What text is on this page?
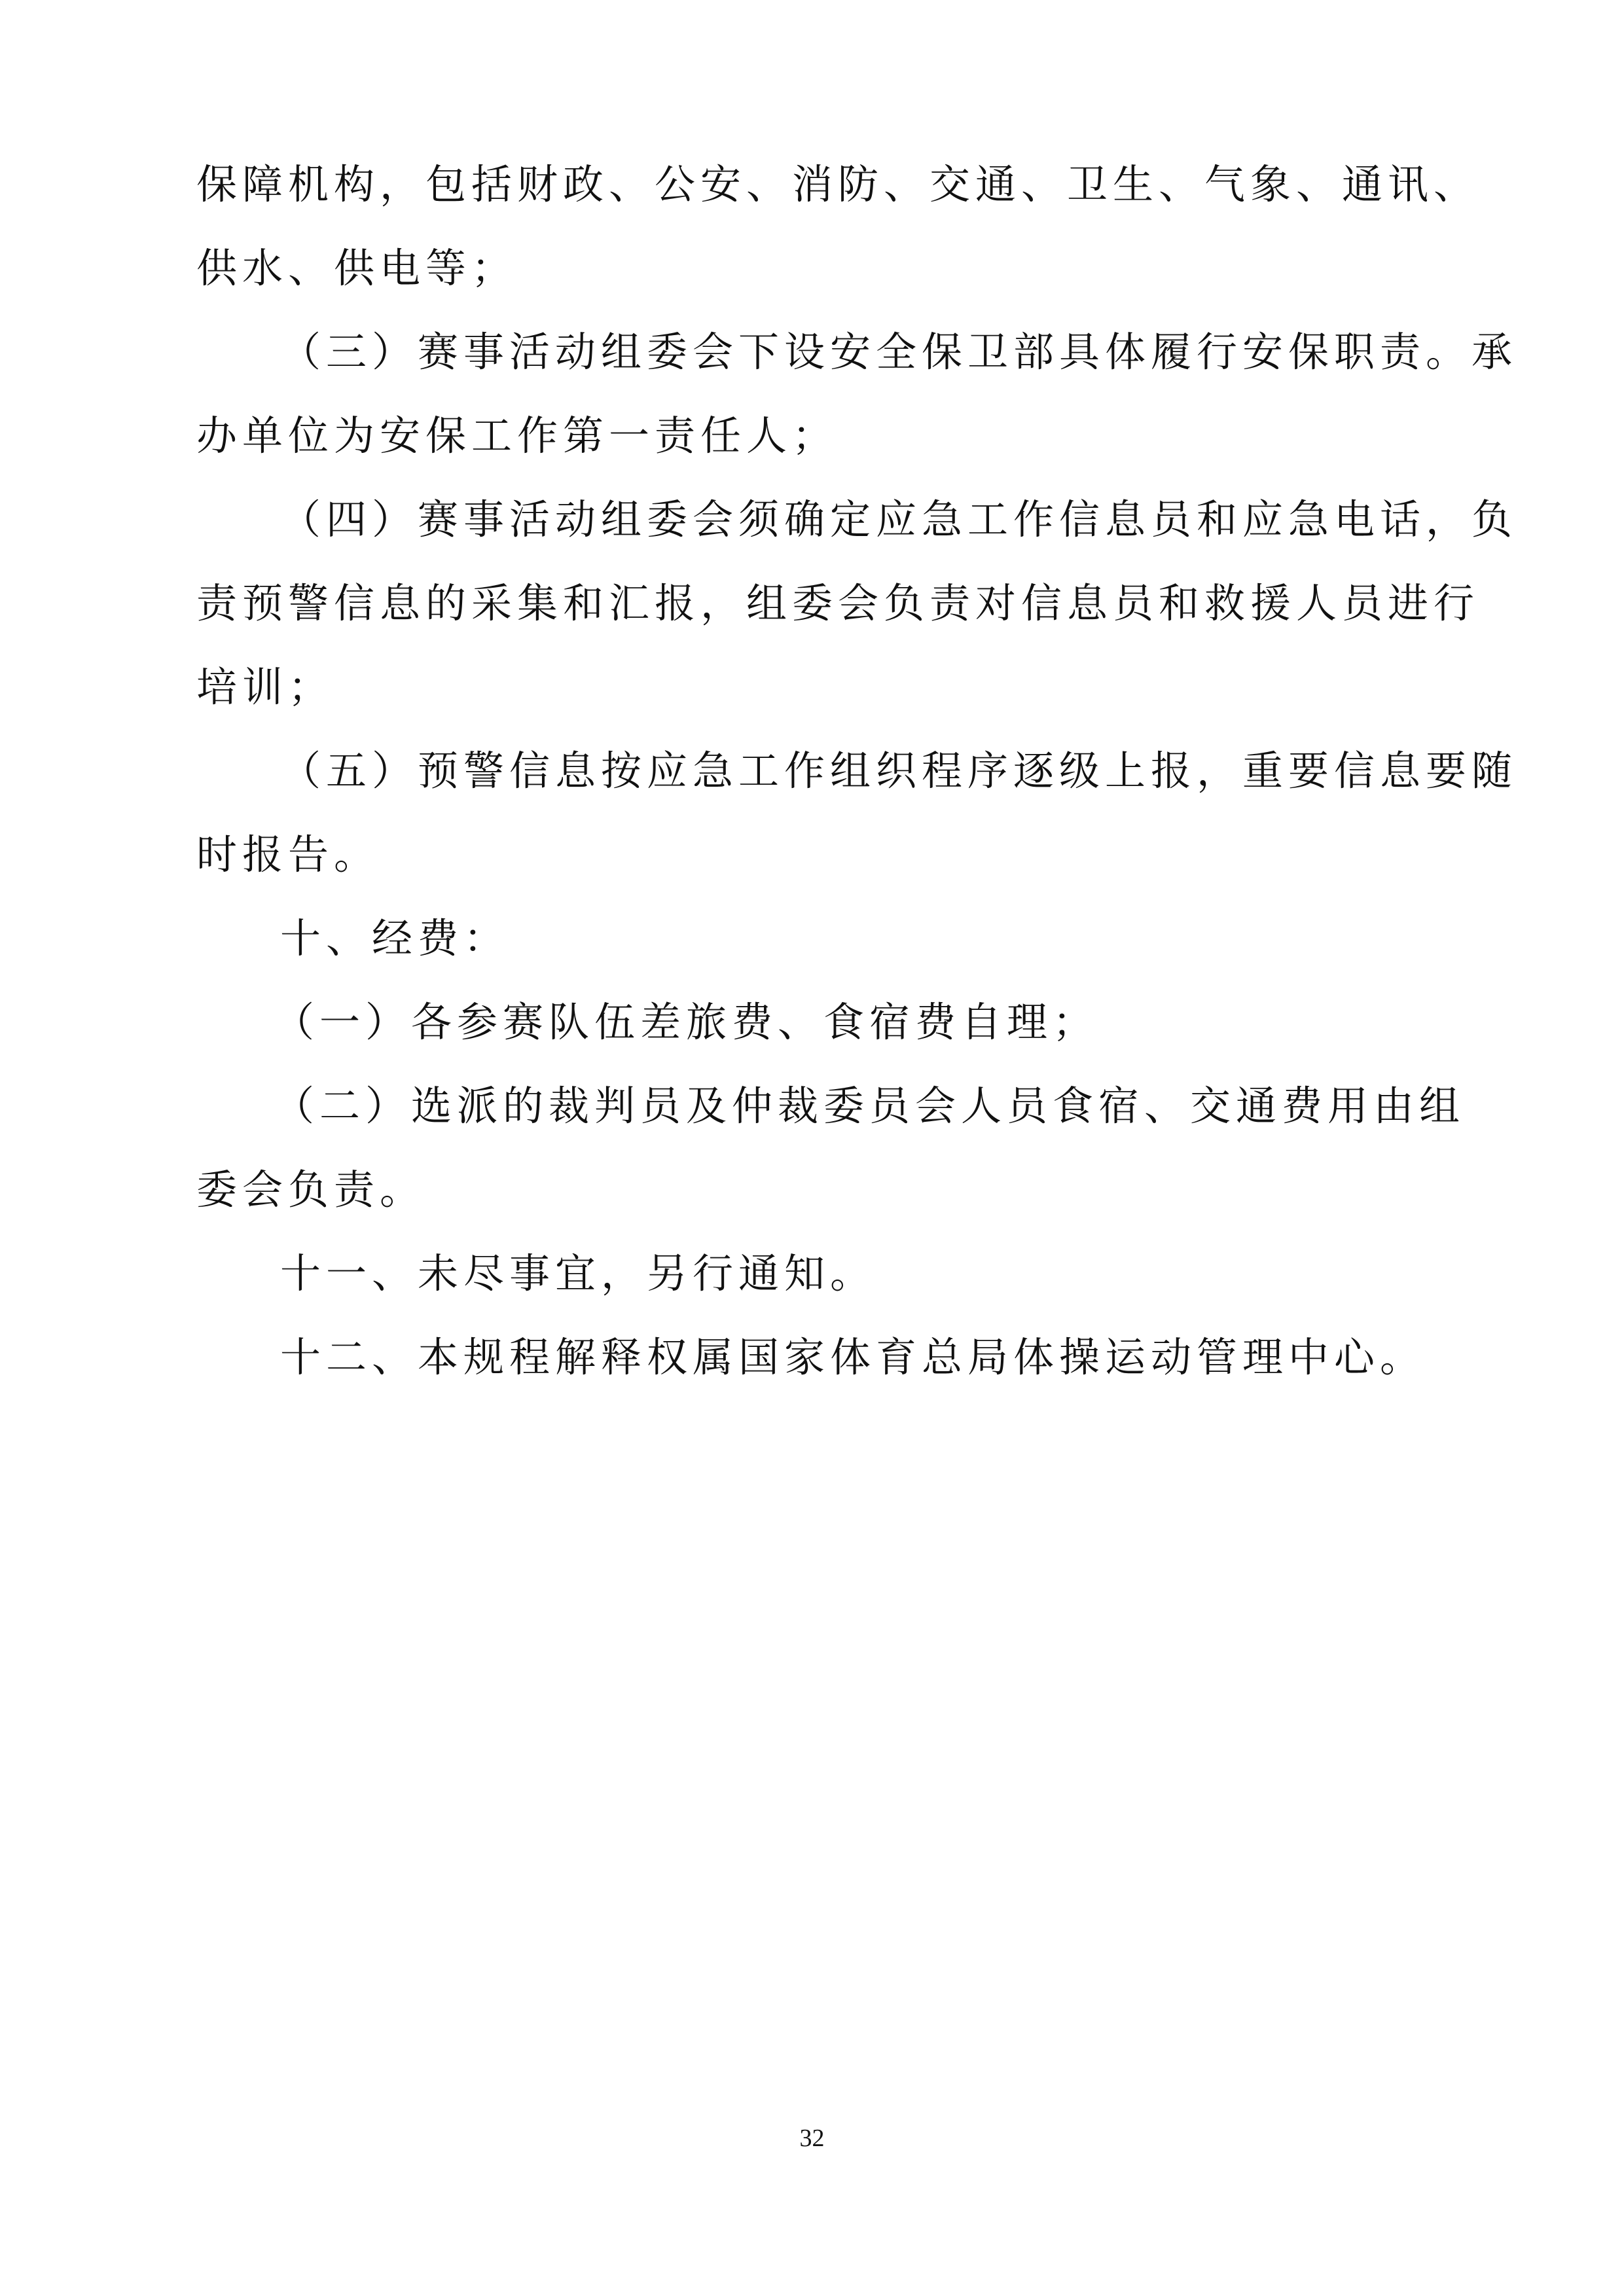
保障机构，包括财政、公安、消防、交通、卫生、气象、通讯、
供水、供电等；
（三）赛事活动组委会下设安全保卫部具体履行安保职责。承
办单位为安保工作第一责任人；
（四）赛事活动组委会须确定应急工作信息员和应急电话，负
责预警信息的采集和汇报，组委会负责对信息员和救援人员进行
培训；
（五）预警信息按应急工作组织程序逐级上报，重要信息要随
时报告。
十、经费：
（一）各参赛队伍差旅费、食宿费自理；
（二）选派的裁判员及仲裁委员会人员食宿、交通费用由组
委会负责。
十一、未尽事宜，另行通知。
十二、本规程解释权属国家体育总局体操运动管理中心。
32
